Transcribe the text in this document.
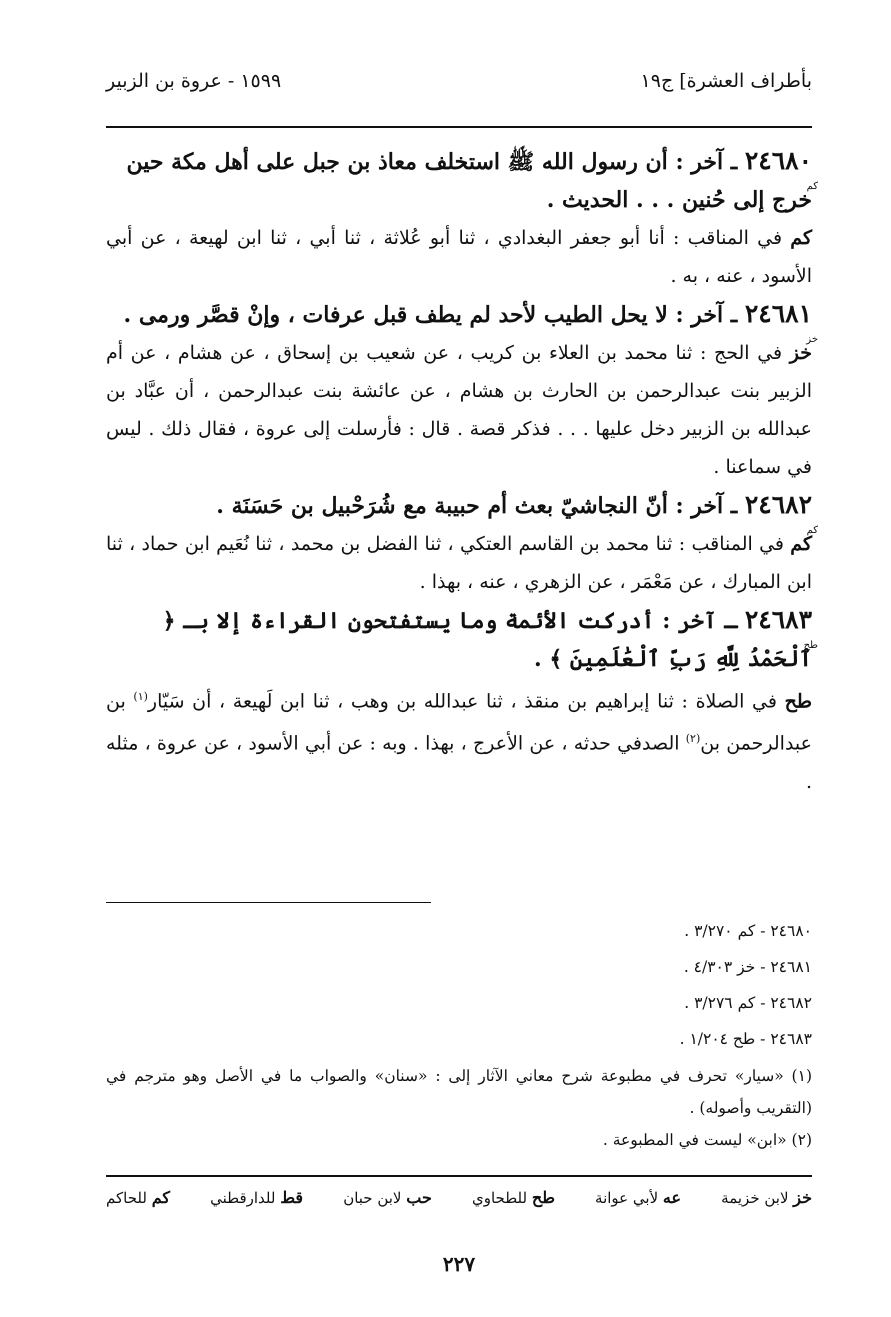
بأطراف العشرة] ج١٩
١٥٩٩ - عروة بن الزبير

٢٤٦٨٠ ـ آخر : أن رسول الله ﷺ استخلف معاذ بن جبل على أهل مكة حين خرج إلى حُنين . . . الحديث .
كم

كم في المناقب : أنا أبو جعفر البغدادي ، ثنا أبو عُلاثة ، ثنا أبي ، ثنا ابن لهيعة ، عن أبي الأسود ، عنه ، به .

٢٤٦٨١ ـ آخر : لا يحل الطيب لأحد لم يطف قبل عرفات ، وإنْ قصَّر ورمى .
خز

خز في الحج : ثنا محمد بن العلاء بن كريب ، عن شعيب بن إسحاق ، عن هشام ، عن أم الزبير بنت عبدالرحمن بن الحارث بن هشام ، عن عائشة بنت عبدالرحمن ، أن عبَّاد بن عبدالله بن الزبير دخل عليها . . . فذكر قصة . قال : فأرسلت إلى عروة ، فقال ذلك . ليس في سماعنا .

٢٤٦٨٢ ـ آخر : أنّ النجاشيّ بعث أم حبيبة مع شُرَحْبيل بن حَسَنَة .
كم

كم في المناقب : ثنا محمد بن القاسم العتكي ، ثنا الفضل بن محمد ، ثنا نُعَيم ابن حماد ، ثنا ابن المبارك ، عن مَعْمَر ، عن الزهري ، عنه ، بهذا .

٢٤٦٨٣ ـ آخر : أدركت الأئمة وما يستفتحون القراءة إلا بـ ﴿ ٱلْحَمْدُ لِلَّهِ رَبِّ ٱلْعَٰلَمِينَ ﴾ .
طح

طح في الصلاة : ثنا إبراهيم بن منقذ ، ثنا عبدالله بن وهب ، ثنا ابن لَهيعة ، أن سَيّار$^{(١)}$ بن عبدالرحمن بن$^{(٢)}$ الصدفي حدثه ، عن الأعرج ، بهذا . وبه : عن أبي الأسود ، عن عروة ، مثله .

٢٤٦٨٠ - كم ٣/٢٧٠ .
٢٤٦٨١ - خز ٤/٣٠٣ .
٢٤٦٨٢ - كم ٣/٢٧٦ .
٢٤٦٨٣ - طح ١/٢٠٤ .

(١) «سيار» تحرف في مطبوعة شرح معاني الآثار إلى : «سنان» والصواب ما في الأصل وهو مترجم في (التقريب وأصوله) .

(٢) «ابن» ليست في المطبوعة .

خز لابن خزيمة
عه لأبي عوانة
طح للطحاوي
حب لابن حبان
قط للدارقطني
كم للحاكم
٢٢٧
